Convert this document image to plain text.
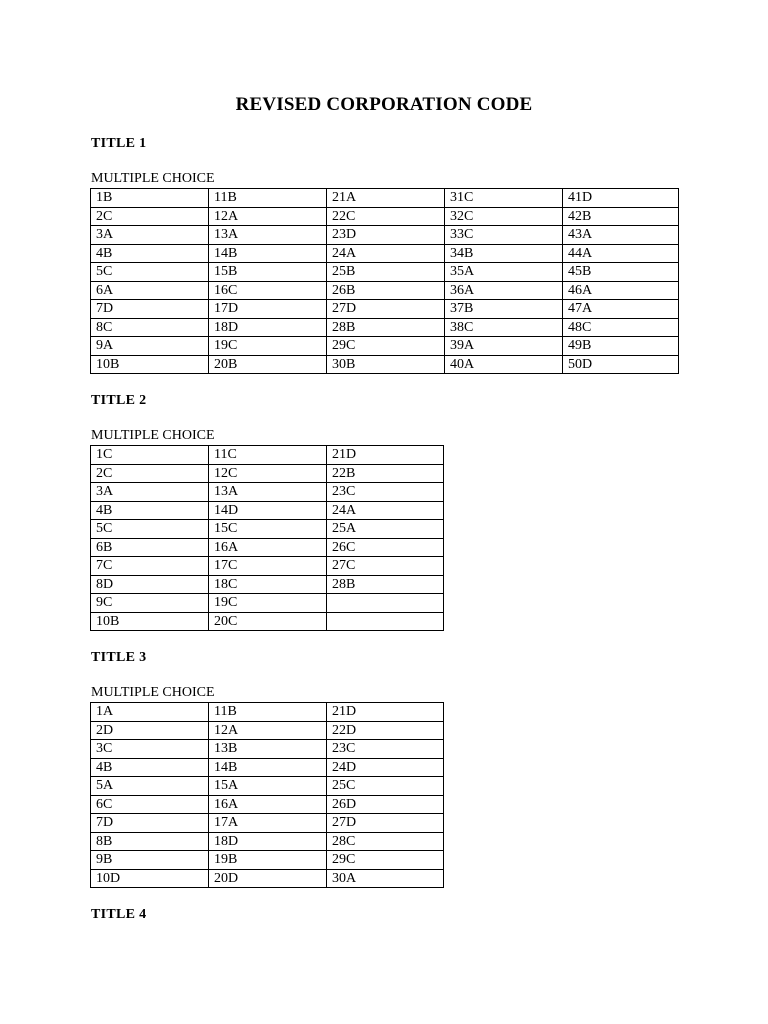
REVISED CORPORATION CODE
TITLE 1
MULTIPLE CHOICE
1B	11B	21A	31C	41D
2C	12A	22C	32C	42B
3A	13A	23D	33C	43A
4B	14B	24A	34B	44A
5C	15B	25B	35A	45B
6A	16C	26B	36A	46A
7D	17D	27D	37B	47A
8C	18D	28B	38C	48C
9A	19C	29C	39A	49B
10B	20B	30B	40A	50D
TITLE 2
MULTIPLE CHOICE
1C	11C	21D
2C	12C	22B
3A	13A	23C
4B	14D	24A
5C	15C	25A
6B	16A	26C
7C	17C	27C
8D	18C	28B
9C	19C	
10B	20C	
TITLE 3
MULTIPLE CHOICE
1A	11B	21D
2D	12A	22D
3C	13B	23C
4B	14B	24D
5A	15A	25C
6C	16A	26D
7D	17A	27D
8B	18D	28C
9B	19B	29C
10D	20D	30A
TITLE 4
